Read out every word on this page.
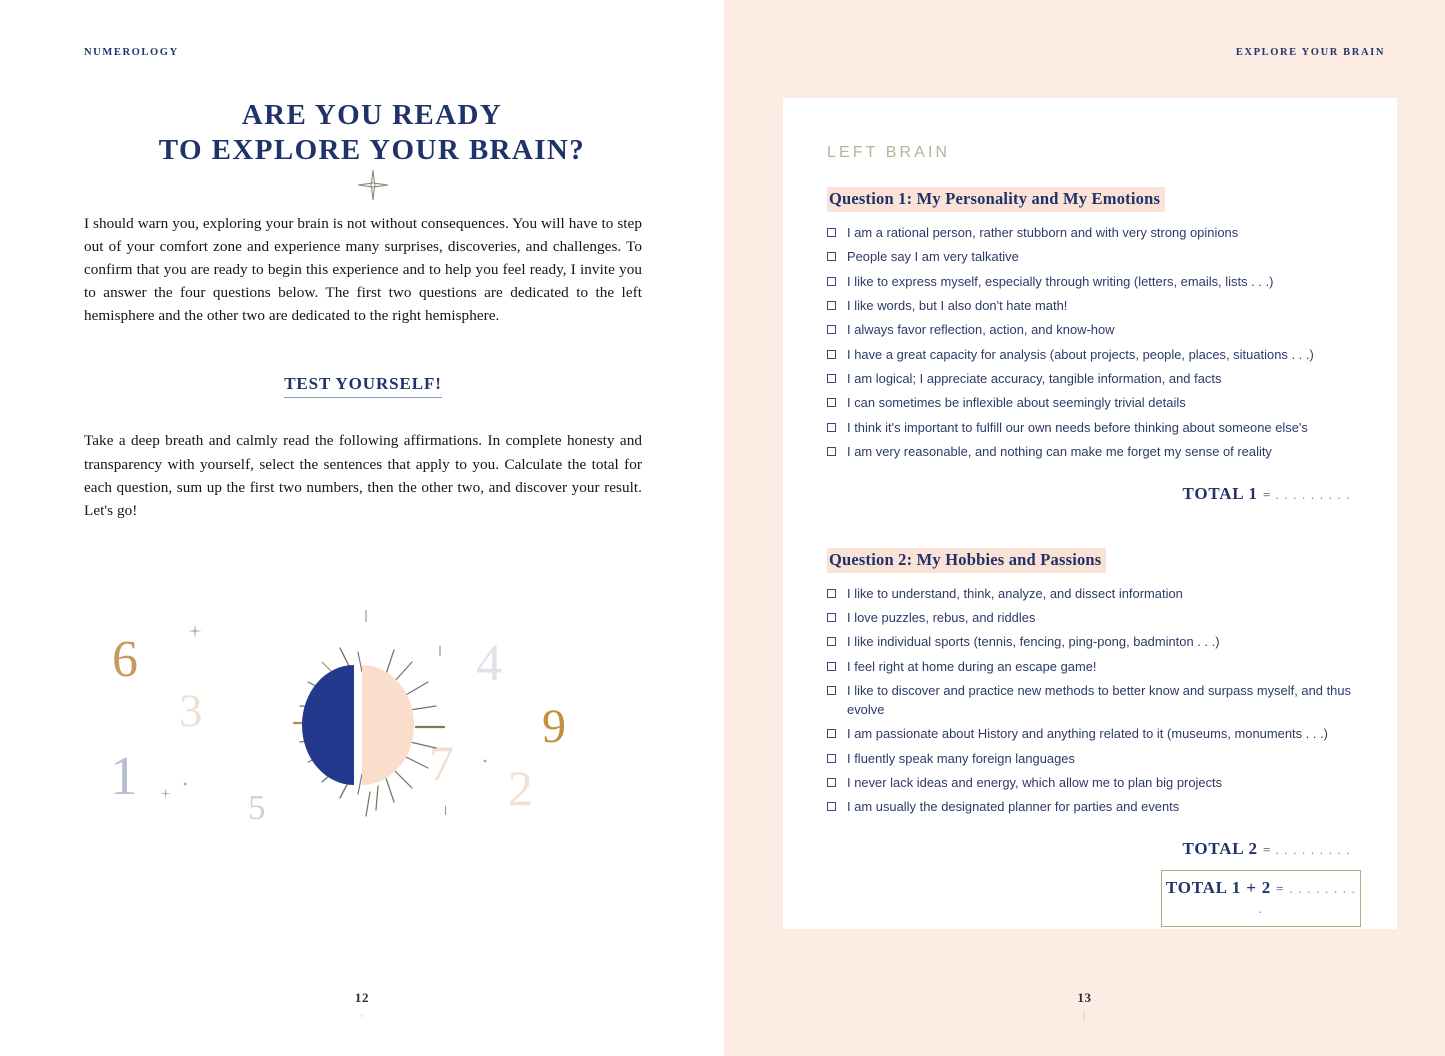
NUMEROLOGY
ARE YOU READY
TO EXPLORE YOUR BRAIN?

I should warn you, exploring your brain is not without consequences. You will have to step out of your comfort zone and experience many surprises, discoveries, and challenges. To confirm that you are ready to begin this experience and to help you feel ready, I invite you to answer the four questions below. The first two questions are dedicated to the left hemisphere and the other two are dedicated to the right hemisphere.

TEST YOURSELF!

Take a deep breath and calmly read the following affirmations. In complete honesty and transparency with yourself, select the sentences that apply to you. Calculate the total for each question, sum up the first two numbers, then the other two, and discover your result. Let's go!

6
3
1
5
4
9
7 2
12
▫
EXPLORE YOUR BRAIN
LEFT BRAIN
Question 1: My Personality and My Emotions
I am a rational person, rather stubborn and with very strong opinions
People say I am very talkative
I like to express myself, especially through writing (letters, emails, lists . . .)
I like words, but I also don't hate math!
I always favor reflection, action, and know-how
I have a great capacity for analysis (about projects, people, places, situations . . .)
I am logical; I appreciate accuracy, tangible information, and facts
I can sometimes be inflexible about seemingly trivial details
I think it's important to fulfill our own needs before thinking about someone else's
I am very reasonable, and nothing can make me forget my sense of reality
TOTAL 1 = . . . . . . . . .
Question 2: My Hobbies and Passions
I like to understand, think, analyze, and dissect information
I love puzzles, rebus, and riddles
I like individual sports (tennis, fencing, ping-pong, badminton . . .)
I feel right at home during an escape game!
I like to discover and practice new methods to better know and surpass myself, and thus evolve
I am passionate about History and anything related to it (museums, monuments . . .)
I fluently speak many foreign languages
I never lack ideas and energy, which allow me to plan big projects
I am usually the designated planner for parties and events
TOTAL 2 = . . . . . . . . .
TOTAL 1 + 2 = . . . . . . . . .
13
│
